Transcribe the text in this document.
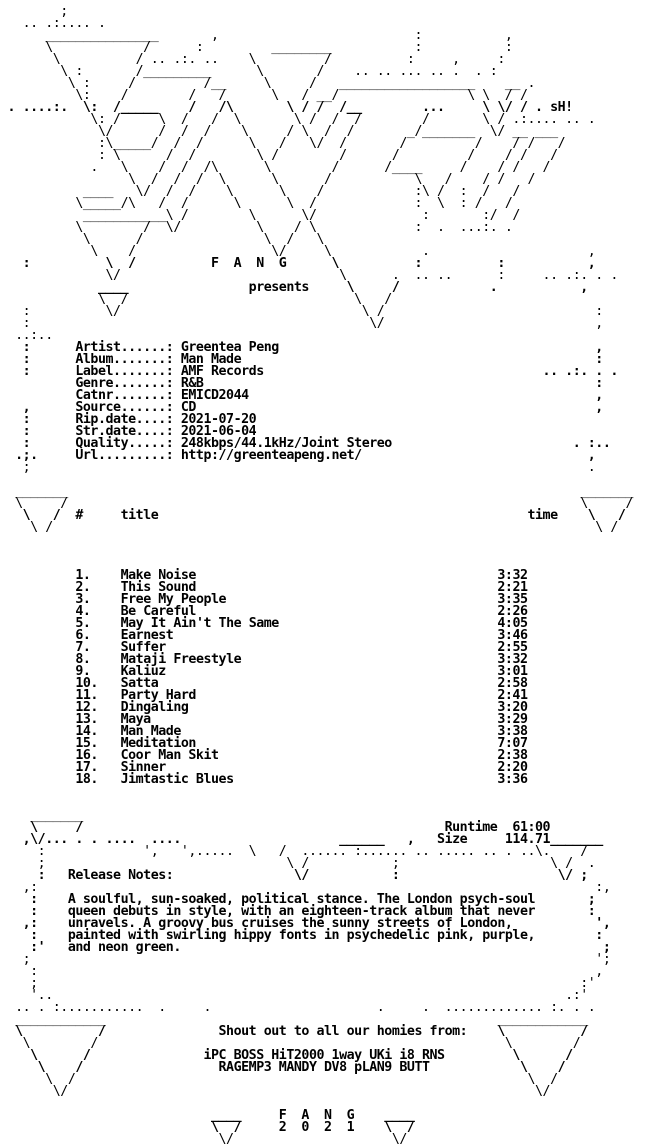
;
.. .:.... .
_______________       ,                          :           ,
\            /      :         ________           :           :
\          / .. .:. ..    \         /          :     ,     :
\ :       /_________      \       /    .. .. ... .. .  . :
\ :     /         /__     \     /   __________________    __ .
\:    /        /   /      \   / __/                 \ \  / /
. ....:.  \:  /_____    /   /\       \ / /  /__        ...     \ \/ / . sH!
\: /     \  /   /  \       \ /  /  /        /       \ / .:.... .. .
\/      /  /  /    \     / \  /  /       _/_______  \/ __ ___
:\_____/  /  /      \   /   \/  /       /         /    / /   /
: \      /  /        \ /        /      /         /    / /   /
.   \    /  /  /\      \        /      /____     /    / /   /
\  /  /  /  \      \      /           \   /    / /   /
____   \/  /  /    \      \    /            :\ /  :  /   /
\_____/\   /  /      \      \  /             :  \  : /   /
___________\ /        \      \/              :       :/  /
\        /  \/          \    / \             :  .  ...:. .
\      /                \  /   \
\    /                  \/     \            .                     ,
:          \  /          F  A  N  G      \          :          :           ,
\/                             \      .  .. ..      :     .. .:. . .
____                presents     \     /            .           ,
\  /                              \   /
:          \/                                \ /                            :
:                                             \/                            ,
..:..
:      Artist......: Greentea Peng                                          ,
:      Album.......: Man Made                                               :
:      Label.......: AMF Records                                     .. .:. . .
Genre.......: R&B                                                    :
Catnr.......: EMICD2044                                              ,
,      Source......: CD                                                     ,
:      Rip.date....: 2021-07-20
:      Str.date....: 2021-06-04
:      Quality.....: 248kbps/44.1kHz/Joint Stereo                        . :..
.;.     Url.........: http://greenteapeng.net/                              ,
;                                                                          .

_______                                                                    _______
\     /                                                                    \     /
\   /  #     title                                                 time    \   /
\ /                                                                        \ /

1. Make Noise	3:32
2. This Sound	2:21
3. Free My People	3:35
4. Be Careful	2:26
5. May It Ain't The Same	4:05
6. Earnest	3:46
7. Suffer	2:55
8. Mataji Freestyle	3:32
9. Kaliuz	3:01
10. Satta	2:58
11. Party Hard	2:41
12. Dingaling	3:20
13. Maya	3:29
14. Man Made	3:38
15. Meditation	7:07
16. Coor Man Skit	2:38
17. Sinner	2:20
18. Jimtastic Blues	3:36

_______
\     /                                                Runtime  61:00
,\/... . . ....  ....                     ______   ,   Size     114.71_______
:             ',   ',.....  \   /  ...... :...... .. ..... .. . ..\.    /
;                                \ /           ;                    \ /  .
:   Release Notes:                \/           :                     \/ ;
,:                                                                          :,
:    A soulful, sun-soaked, political stance. The London psych-soul       ;
:    queen debuts in style, with an eighteen-track album that never       :
,:    unravels. A groovy bus cruises the sunny streets of London,           ',
:    painted with swirling hippy fonts in psychedelic pink, purple,        :
:'   and neon green.                                                        ;
;                                                                           ';
:                                                                          ,
;                                                                        :'
'..                                                                    .:'
.. . :...........  .     .                      .     .  ............. :. . .
____________                                                    ____________
\          /               Shout out to all our homies from:    \          /
\        /                                                      \        /
\      /               iPC BOSS HiT2000 1way UKi i8 RNS         \      /
\    /                  RAGEMP3 MANDY DV8 pLAN9 BUTT            \    /
\  /                                                            \  /
\/                                                              \/

____     F  A  N  G    ____
\  /     2  0  2  1    \  /
\/                     \/
